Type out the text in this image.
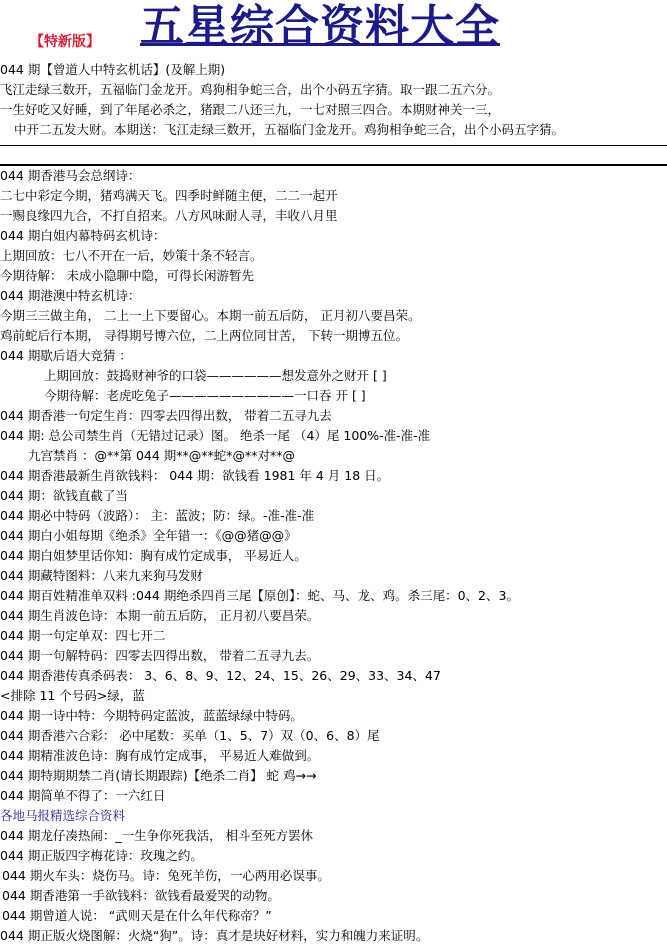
【特新版】 五星综合资料大全
044 期【曾道人中特玄机话】(及解上期)
飞江走绿三数开，五福临门金龙开。鸡狗相争蛇三合，出个小码五字猜。取一跟二五六分。
一生好吃又好睡，到了年尾必杀之，猪跟二八还三九，一七对照三四合。本期财神关一三，
中开二五发大财。本期送：飞江走绿三数开，五福临门金龙开。鸡狗相争蛇三合，出个小码五字猜。
044 期香港马会总纲诗：
二七中彩定今期，猪鸡满天飞。四季时鲜随主便，二二一起开
一赐良缘四九合，不打自招来。八方风味耐人寻，丰收八月里
044 期白姐内幕特码玄机诗：
上期回放：七八不开在一后，妙策十条不轻言。
今期待解： 未成小隐聊中隐，可得长闲游暂先
044 期港澳中特玄机诗：
今期三三做主角， 二上一上下要留心。本期一前五后防， 正月初八要昌荣。
鸡前蛇后行本期， 寻得期号博六位，二上两位同甘苦， 下转一期博五位。
044 期歇后语大竞猜 ：
上期回放：鼓捣财神爷的口袋——————想发意外之财开 [ ]
今期待解：老虎吃兔子——————————一口吞 开 [ ]
044 期香港一句定生肖：四零去四得出数， 带着二五寻九去
044 期: 总公司禁生肖（无错过记录）图。 绝杀一尾 （4）尾 100%-准-准-准
九宫禁肖 ：@**第 044 期**@**蛇*@**对**@
044 期香港最新生肖欲钱料： 044 期：欲钱看 1981 年 4 月 18 日。
044 期：欲钱直截了当
044 期必中特码（波路）： 主：蓝波；防：绿。-准-准-准
044 期白小姐每期《绝杀》全年错一：《@@猪@@》
044 期白姐梦里话你知：胸有成竹定成事， 平易近人。
044 期藏特图料：八来九来狗马发财
044 期百姓精准单双料 :044 期绝杀四肖三尾【原创】：蛇、马、龙、鸡。杀三尾：0、2、3。
044 期生肖波色诗：本期一前五后防， 正月初八要昌荣。
044 期一句定单双：四七开二
044 期一句解特码：四零去四得出数， 带着二五寻九去。
044 期香港传真杀码表： 3、6、8、9、12、24、15、26、29、33、34、47
<排除 11 个号码>绿，蓝
044 期一诗中特：今期特码定蓝波，蓝蓝绿绿中特码。
044 期香港六合彩： 必中尾数：买单（1、5、7）双（0、6、8）尾
044 期精准波色诗：胸有成竹定成事， 平易近人难做到。
044 期特期期禁二肖(请长期跟踪)【绝杀二肖】 蛇 鸡→→
044 期简单不得了：一六红日
各地马报精选综合资料
044 期龙仔凑热闹：_一生争你死我活， 相斗至死方罢休
044 期正版四字梅花诗：玫瑰之约。
044 期火车头：烧伤马。诗：兔死羊伤，一心两用必误事。
044 期香港第一手欲钱料：欲钱看最爱哭的动物。
044 期曾道人说： “武则天是在什么年代称帝？”
044 期正版火烧图解：火烧“狗”。诗：真才是块好材料，实力和魄力来证明。
